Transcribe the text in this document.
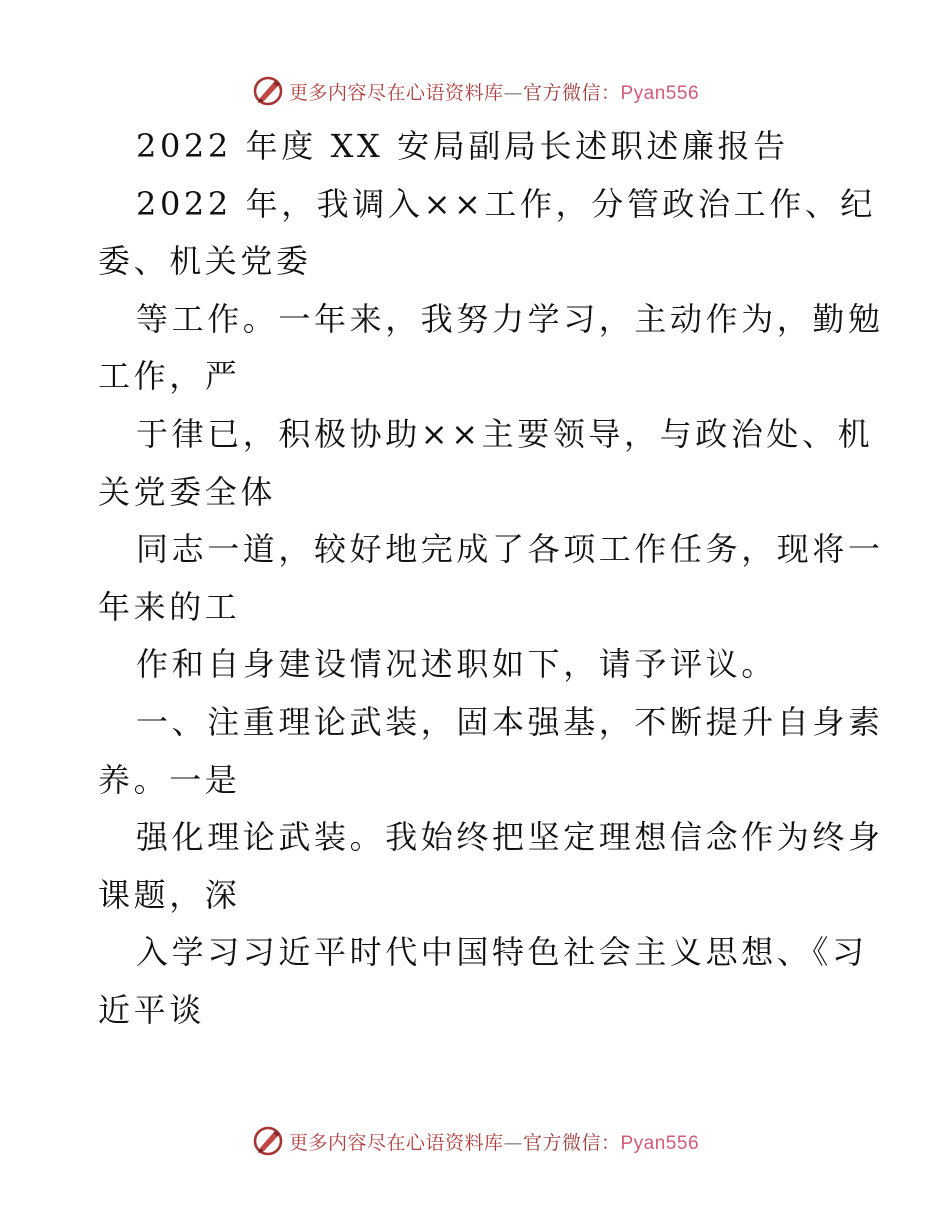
更多内容尽在心语资料库—官方微信：Pyan556
2022 年度 XX 安局副局长述职述廉报告
2022 年，我调入××工作，分管政治工作、纪
委、机关党委
等工作。一年来，我努力学习，主动作为，勤勉
工作，严
于律已，积极协助××主要领导，与政治处、机
关党委全体
同志一道，较好地完成了各项工作任务，现将一
年来的工
作和自身建设情况述职如下，请予评议。
一、注重理论武装，固本强基，不断提升自身素
养。一是
强化理论武装。我始终把坚定理想信念作为终身
课题，深
入学习习近平时代中国特色社会主义思想、《习
近平谈
更多内容尽在心语资料库—官方微信：Pyan556
